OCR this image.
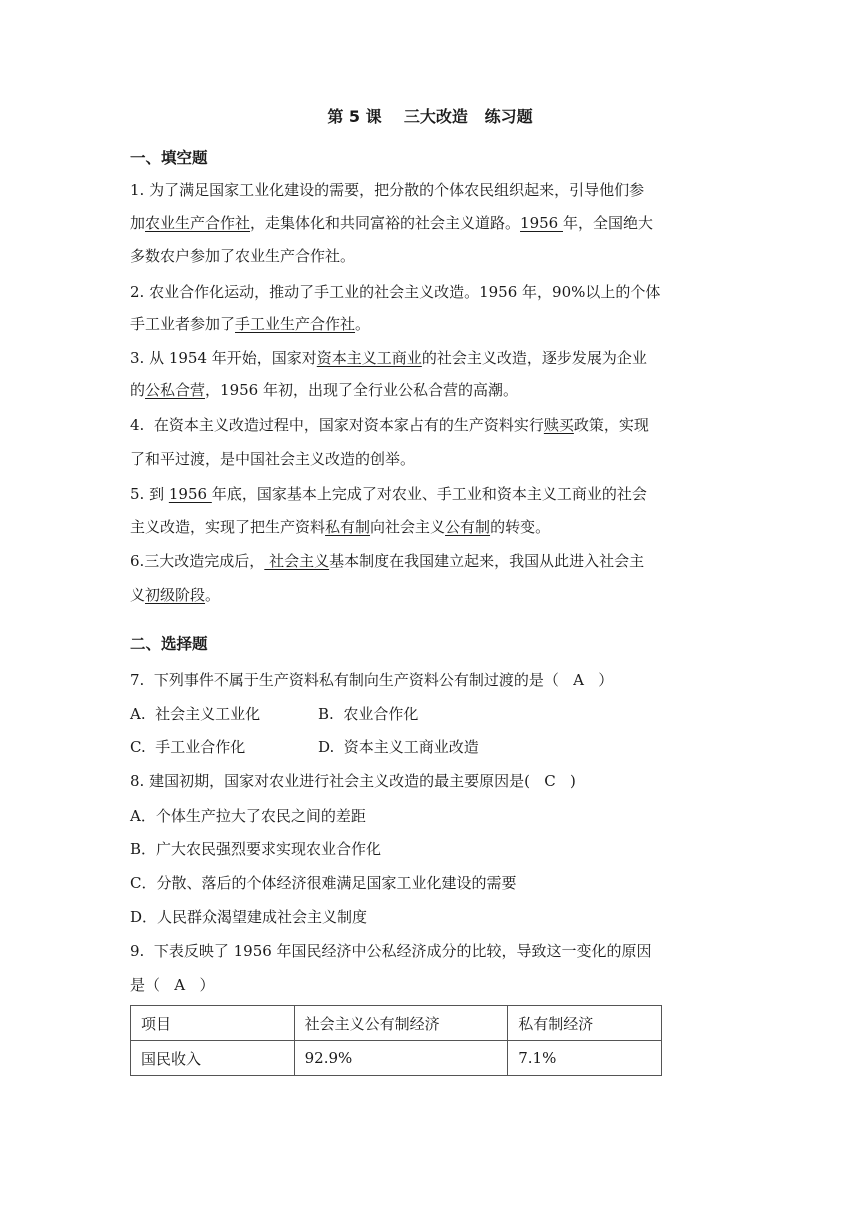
第 5 课    三大改造   练习题
一、填空题
1. 为了满足国家工业化建设的需要，把分散的个体农民组织起来，引导他们参
加农业生产合作社，走集体化和共同富裕的社会主义道路。1956 年，全国绝大
多数农户参加了农业生产合作社。
2. 农业合作化运动，推动了手工业的社会主义改造。1956 年，90%以上的个体
手工业者参加了手工业生产合作社。
3. 从 1954 年开始，国家对资本主义工商业的社会主义改造，逐步发展为企业
的公私合营，1956 年初，出现了全行业公私合营的高潮。
4.  在资本主义改造过程中，国家对资本家占有的生产资料实行赎买政策，实现
了和平过渡，是中国社会主义改造的创举。
5. 到 1956 年底，国家基本上完成了对农业、手工业和资本主义工商业的社会
主义改造，实现了把生产资料私有制向社会主义公有制的转变。
6.三大改造完成后， 社会主义基本制度在我国建立起来，我国从此进入社会主
义初级阶段。
二、选择题
7.  下列事件不属于生产资料私有制向生产资料公有制过渡的是（   A   ）
A.  社会主义工业化	B.  农业合作化
C.  手工业合作化	D.  资本主义工商业改造
8. 建国初期，国家对农业进行社会主义改造的最主要原因是(   C   )
A．个体生产拉大了农民之间的差距
B．广大农民强烈要求实现农业合作化
C．分散、落后的个体经济很难满足国家工业化建设的需要
D．人民群众渴望建成社会主义制度
9.  下表反映了 1956 年国民经济中公私经济成分的比较，导致这一变化的原因
是（   A   ）
项目	社会主义公有制经济	私有制经济
国民收入	92.9%	7.1%
